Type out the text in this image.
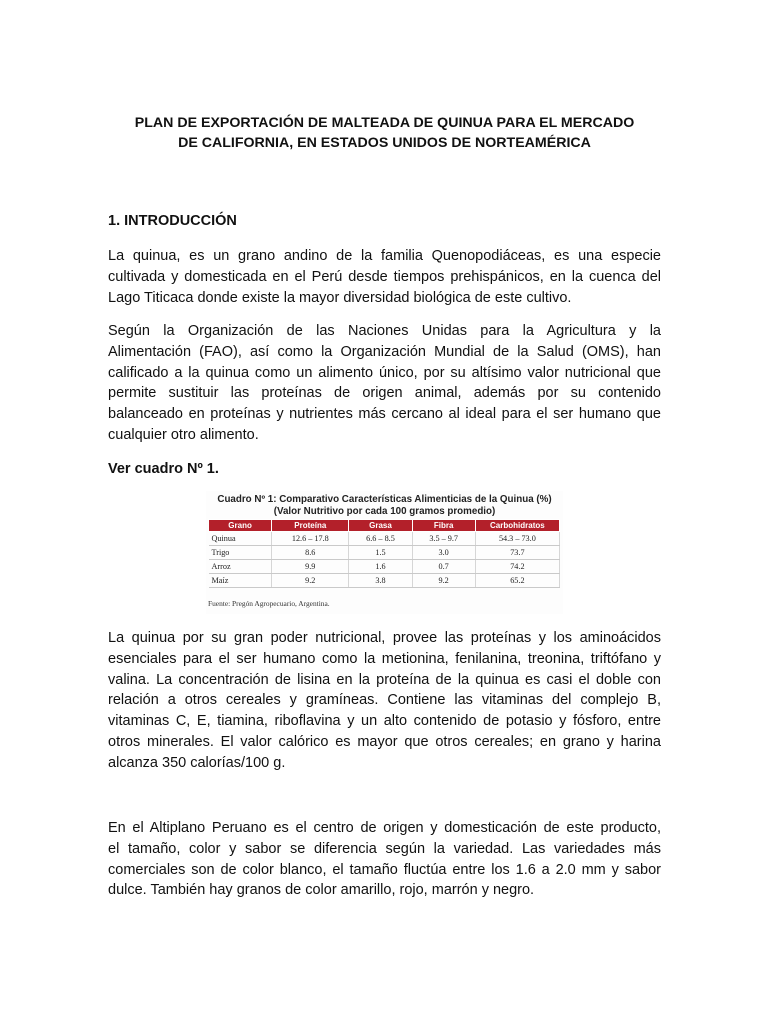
PLAN DE EXPORTACIÓN DE MALTEADA DE QUINUA PARA EL MERCADO
DE CALIFORNIA, EN ESTADOS UNIDOS DE NORTEAMÉRICA
1. INTRODUCCIÓN

La quinua, es un grano andino de la familia Quenopodiáceas, es una especie
cultivada y domesticada en el Perú desde tiempos prehispánicos, en la cuenca del
Lago Titicaca donde existe la mayor diversidad biológica de este cultivo.

Según la Organización de las Naciones Unidas para la Agricultura y la
Alimentación (FAO), así como la Organización Mundial de la Salud (OMS), han
calificado a la quinua como un alimento único, por su altísimo valor nutricional que
permite sustituir las proteínas de origen animal, además por su contenido
balanceado en proteínas y nutrientes más cercano al ideal para el ser humano que
cualquier otro alimento.

Ver cuadro Nº 1.

La quinua por su gran poder nutricional, provee las proteínas y los aminoácidos
esenciales para el ser humano como la metionina, fenilanina, treonina, triftófano y
valina. La concentración de lisina en la proteína de la quinua es casi el doble con
relación a otros cereales y gramíneas. Contiene las vitaminas del complejo B,
vitaminas C, E, tiamina, riboflavina y un alto contenido de potasio y fósforo, entre
otros minerales. El valor calórico es mayor que otros cereales; en grano y harina
alcanza 350 calorías/100 g.

En el Altiplano Peruano es el centro de origen y domesticación de este producto,
el tamaño, color y sabor se diferencia según la variedad. Las variedades más
comerciales son de color blanco, el tamaño fluctúa entre los 1.6 a 2.0 mm y sabor
dulce. También hay granos de color amarillo, rojo, marrón y negro.

Cuadro Nº 1: Comparativo Características Alimenticias de la Quinua (%)
(Valor Nutritivo por cada 100 gramos promedio)
Grano	Proteína	Grasa	Fibra	Carbohidratos
Quinua	12.6 – 17.8	6.6 – 8.5	3.5 – 9.7	54.3 – 73.0
Trigo	8.6	1.5	3.0	73.7
Arroz	9.9	1.6	0.7	74.2
Maíz	9.2	3.8	9.2	65.2
Fuente: Pregón Agropecuario, Argentina.
